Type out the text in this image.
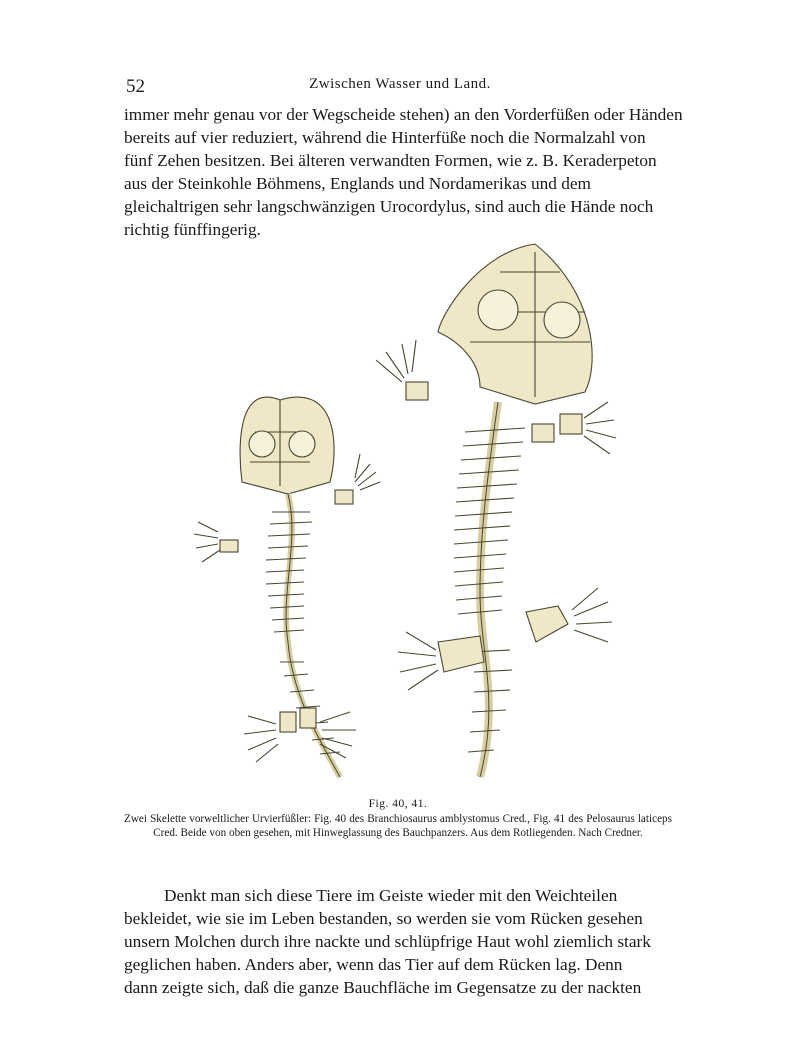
52	Zwischen Wasser und Land.

immer mehr genau vor der Wegscheide stehen) an den Vorderfüßen oder Händen
bereits auf vier reduziert, während die Hinterfüße noch die Normalzahl von
fünf Zehen besitzen. Bei älteren verwandten Formen, wie z. B. Keraderpeton
aus der Steinkohle Böhmens, Englands und Nordamerikas und dem
gleichaltrigen sehr langschwänzigen Urocordylus, sind auch die Hände noch
richtig fünffingerig.

Fig. 40, 41.
Zwei Skelette vorweltlicher Urvierfüßler: Fig. 40 des Branchiosaurus amblystomus Cred., Fig. 41 des Pelosaurus laticeps Cred. Beide von oben gesehen, mit Hinweglassung des Bauchpanzers. Aus dem Rotliegenden. Nach Credner.

Denkt man sich diese Tiere im Geiste wieder mit den Weichteilen
bekleidet, wie sie im Leben bestanden, so werden sie vom Rücken gesehen
unsern Molchen durch ihre nackte und schlüpfrige Haut wohl ziemlich stark
geglichen haben. Anders aber, wenn das Tier auf dem Rücken lag. Denn
dann zeigte sich, daß die ganze Bauchfläche im Gegensatze zu der nackten
